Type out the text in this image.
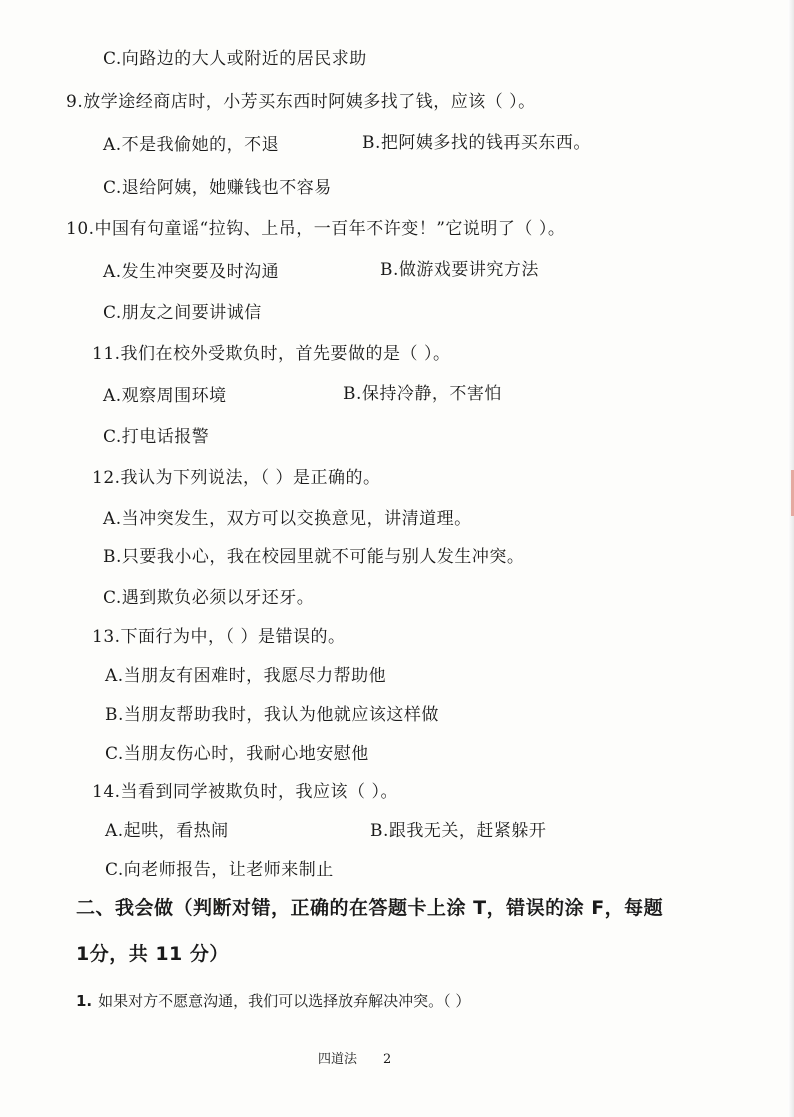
C.向路边的大人或附近的居民求助
9.放学途经商店时，小芳买东西时阿姨多找了钱，应该（ ）。
A.不是我偷她的，不退	B.把阿姨多找的钱再买东西。
C.退给阿姨，她赚钱也不容易
10.中国有句童谣“拉钩、上吊，一百年不许变！”它说明了（ ）。
A.发生冲突要及时沟通	B.做游戏要讲究方法
C.朋友之间要讲诚信
11.我们在校外受欺负时，首先要做的是（ ）。
A.观察周围环境	B.保持冷静，不害怕
C.打电话报警
12.我认为下列说法，（ ）是正确的。
A.当冲突发生，双方可以交换意见，讲清道理。
B.只要我小心，我在校园里就不可能与别人发生冲突。
C.遇到欺负必须以牙还牙。
13.下面行为中，（ ）是错误的。
A.当朋友有困难时，我愿尽力帮助他
B.当朋友帮助我时，我认为他就应该这样做
C.当朋友伤心时，我耐心地安慰他
14.当看到同学被欺负时，我应该（ ）。
A.起哄，看热闹	B.跟我无关，赶紧躲开
C.向老师报告，让老师来制止
二、我会做（判断对错，正确的在答题卡上涂 T，错误的涂 F，每题
1分，共 11 分）
1. 如果对方不愿意沟通，我们可以选择放弃解决冲突。（ ）
四道法 2
